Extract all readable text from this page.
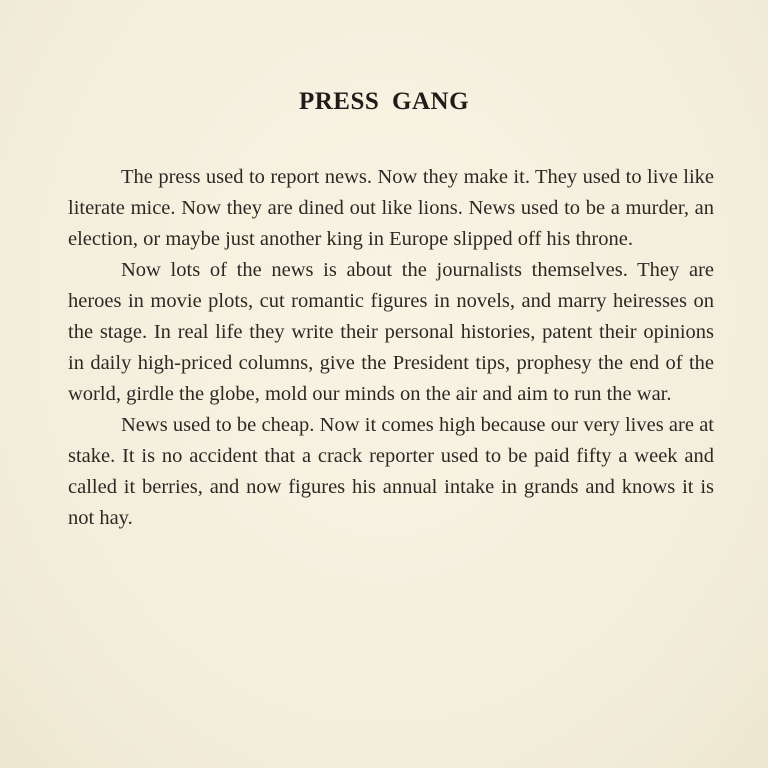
PRESS GANG

The press used to report news. Now they make it. They used to live like literate mice. Now they are dined out like lions. News used to be a murder, an election, or maybe just another king in Europe slipped off his throne.

Now lots of the news is about the journalists themselves. They are heroes in movie plots, cut romantic figures in novels, and marry heiresses on the stage. In real life they write their personal histories, patent their opinions in daily high-priced columns, give the President tips, prophesy the end of the world, girdle the globe, mold our minds on the air and aim to run the war.

News used to be cheap. Now it comes high because our very lives are at stake. It is no accident that a crack reporter used to be paid fifty a week and called it berries, and now figures his annual intake in grands and knows it is not hay.
